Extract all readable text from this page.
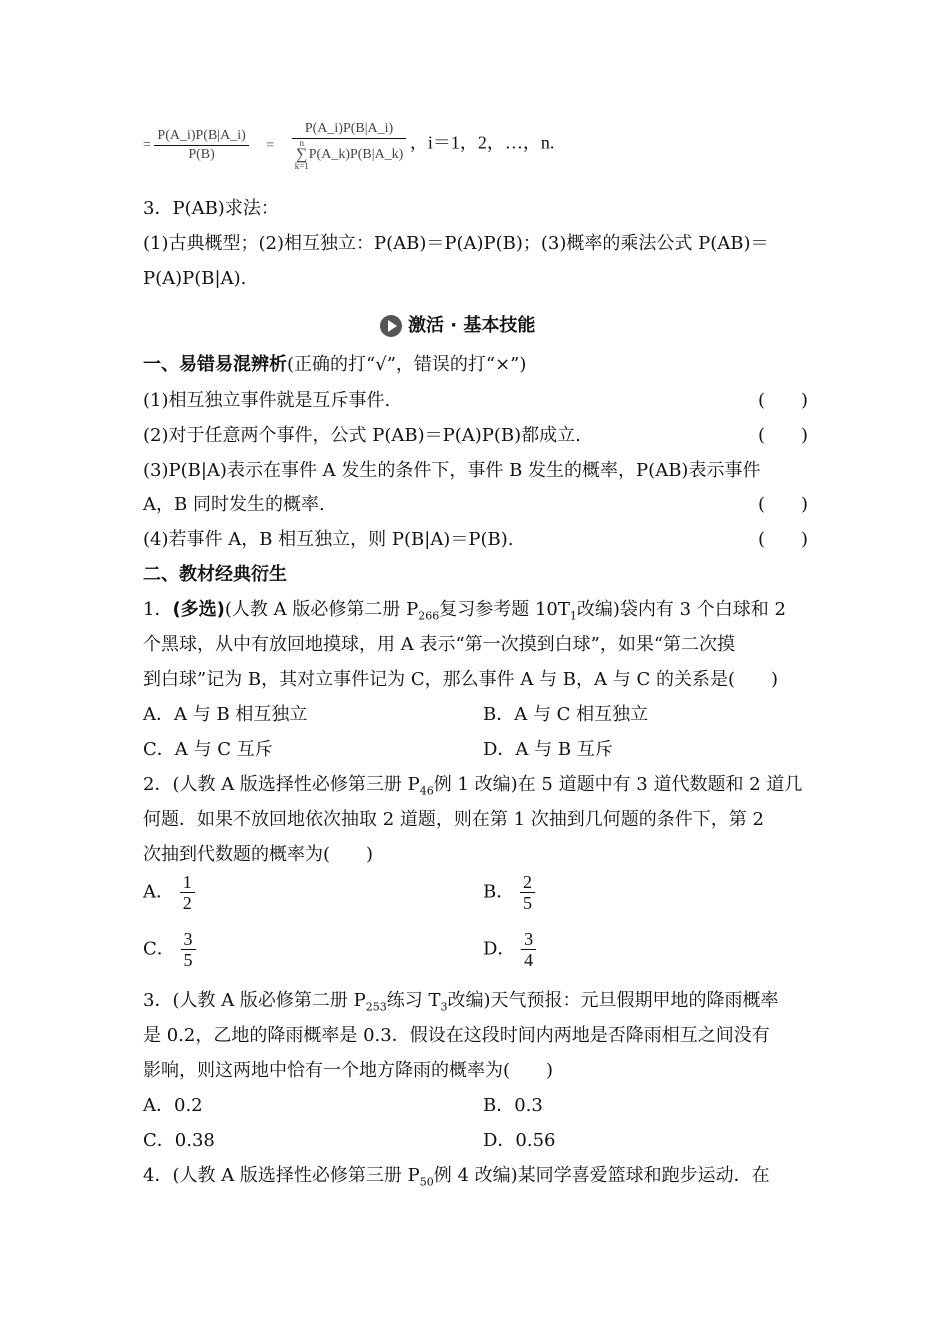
= $\frac{P(A\_i)P(B|A\_i)}{P(B)}$ = P(A_i)P(B|A_i)
n
∑
k=1
P(A_k)P(B|A_k) ，i＝1，2，…，n.
3．P(AB)求法：
(1)古典概型；(2)相互独立：P(AB)＝P(A)P(B)；(3)概率的乘法公式 P(AB)＝
P(A)P(B|A).
激活 · 基本技能
一、易错易混辨析(正确的打“√”，错误的打“×”)
(1)相互独立事件就是互斥事件.	(　　)
(2)对于任意两个事件，公式 P(AB)＝P(A)P(B)都成立.	(　　)
(3)P(B|A)表示在事件 A 发生的条件下，事件 B 发生的概率，P(AB)表示事件
A，B 同时发生的概率.	(　　)
(4)若事件 A，B 相互独立，则 P(B|A)＝P(B).	(　　)
二、教材经典衍生
1．(多选)(人教 A 版必修第二册 $P_{266}$复习参考题 $10T_1$改编)袋内有 3 个白球和 2
个黑球，从中有放回地摸球，用 A 表示“第一次摸到白球”，如果“第二次摸
到白球”记为 B，其对立事件记为 C，那么事件 A 与 B，A 与 C 的关系是(　　)
A．A 与 B 相互独立	B．A 与 C 相互独立
C．A 与 C 互斥	D．A 与 B 互斥
2．(人教 A 版选择性必修第三册 $P_{46}$例 1 改编)在 5 道题中有 3 道代数题和 2 道几
何题．如果不放回地依次抽取 2 道题，则在第 1 次抽到几何题的条件下，第 2
次抽到代数题的概率为(　　)
A． $\frac{1}{2}$	B． $\frac{2}{5}$
C． $\frac{3}{5}$	D． $\frac{3}{4}$
3．(人教 A 版必修第二册 $P_{253}$练习 $T_3$改编)天气预报：元旦假期甲地的降雨概率
是 0.2，乙地的降雨概率是 0.3．假设在这段时间内两地是否降雨相互之间没有
影响，则这两地中恰有一个地方降雨的概率为(　　)
A．0.2	B．0.3
C．0.38	D．0.56
4．(人教 A 版选择性必修第三册 $P_{50}$例 4 改编)某同学喜爱篮球和跑步运动．在
